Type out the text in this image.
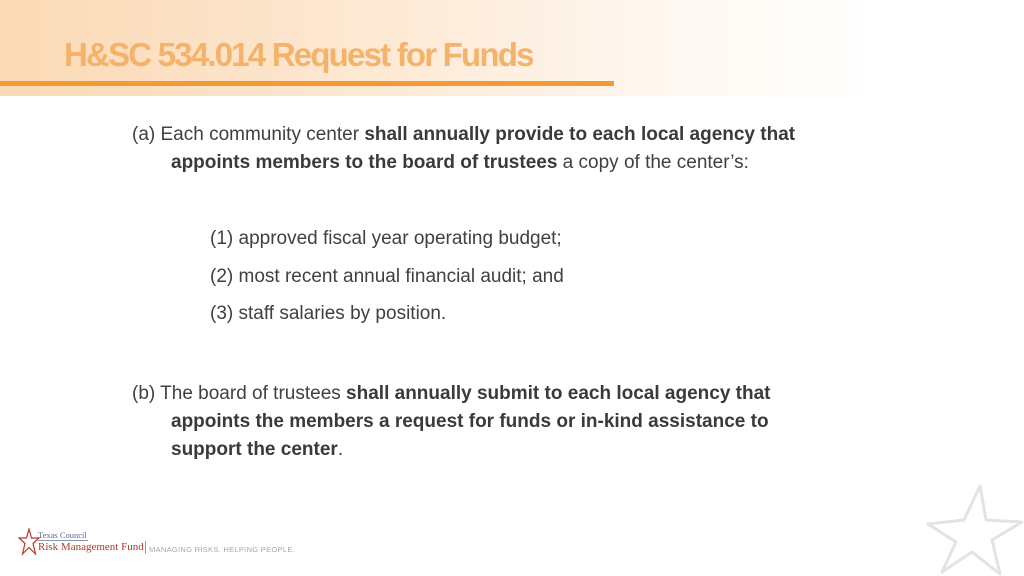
H&SC 534.014 Request for Funds
(a) Each community center shall annually provide to each local agency that
appoints members to the board of trustees a copy of the center’s:
(1) approved fiscal year operating budget;
(2) most recent annual financial audit; and
(3) staff salaries by position.
(b) The board of trustees shall annually submit to each local agency that
appoints the members a request for funds or in-kind assistance to
support the center.
Texas Council
Risk Management Fund MANAGING RISKS. HELPING PEOPLE.
